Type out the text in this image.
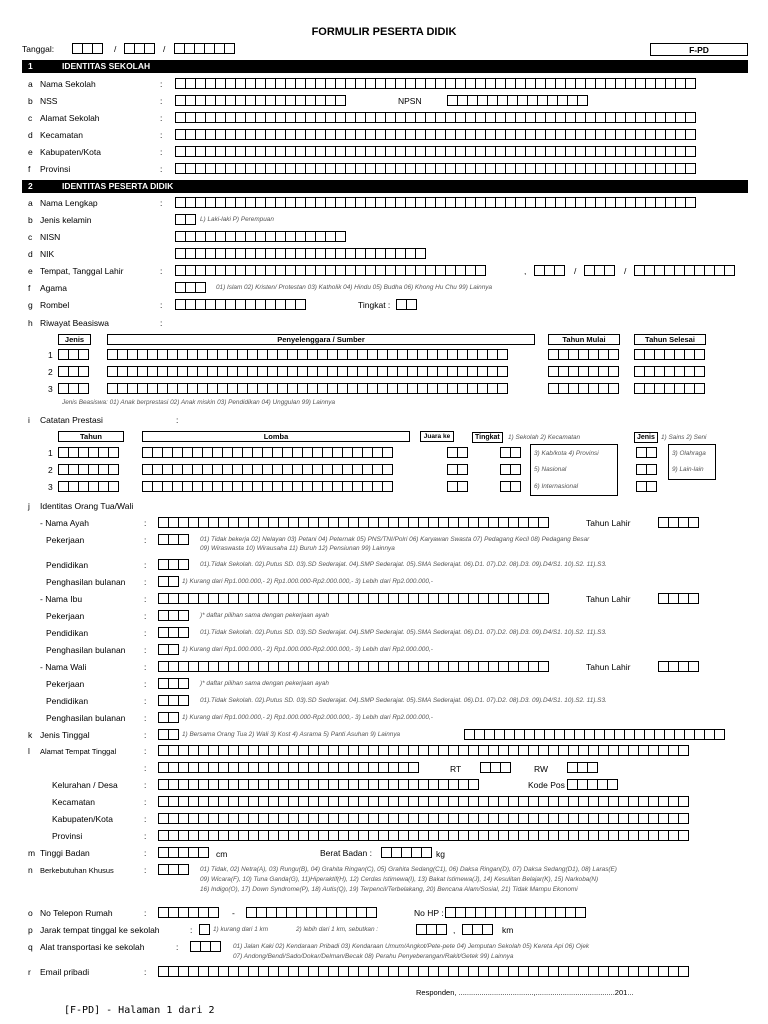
FORMULIR PESERTA DIDIK
Tanggal:	/	/	F-PD
1	IDENTITAS SEKOLAH
a Nama Sekolah	:
b NSS	:	NPSN
c Alamat Sekolah	:
d Kecamatan	:
e Kabupaten/Kota	:
f Provinsi	:
2	IDENTITAS PESERTA DIDIK
a Nama Lengkap	:
b Jenis kelamin	L) Laki-laki P) Perempuan
c NISN
d NIK
e Tempat, Tanggal Lahir	:	,	/	/
f Agama	01) Islam 02) Kristen/ Protestan 03) Katholik 04) Hindu 05) Budha 06) Khong Hu Chu 99) Lainnya
g Rombel	:	Tingkat :
h Riwayat Beasiswa	:
Jenis	Penyelenggara / Sumber	Tahun Mulai	Tahun Selesai
1
2
3
Jenis Beasiswa: 01) Anak berprestasi 02) Anak miskin 03) Pendidikan 04) Unggulan 99) Lainnya
i Catatan Prestasi	:
Tahun	Lomba	Juara ke	Tingkat	Jenis
1) Sekolah 2) Kecamatan
3) Kab/kota 4) Provinsi
5) Nasional
6) Internasional
1) Sains 2) Seni
3) Olahraga
9) Lain-lain
1
2
3
j Identitas Orang Tua/Wali
- Nama Ayah	:	Tahun Lahir
Pekerjaan	:	01) Tidak bekerja 02) Nelayan 03) Petani 04) Peternak 05) PNS/TNI/Polri 06) Karyawan Swasta 07) Pedagang Kecil 08) Pedagang Besar
09) Wiraswasta 10) Wirausaha 11) Buruh 12) Pensiunan 99) Lainnya
Pendidikan	:	01).Tidak Sekolah. 02).Putus SD. 03).SD Sederajat. 04).SMP Sederajat. 05).SMA Sederajat. 06).D1. 07).D2. 08).D3. 09).D4/S1. 10).S2. 11).S3.
Penghasilan bulanan :	1) Kurang dari Rp1.000.000,- 2) Rp1.000.000-Rp2.000.000,- 3) Lebih dari Rp2.000.000,-
- Nama Ibu	:	Tahun Lahir
Pekerjaan	:	)* daftar pilihan sama dengan pekerjaan ayah
Pendidikan	:	01).Tidak Sekolah. 02).Putus SD. 03).SD Sederajat. 04).SMP Sederajat. 05).SMA Sederajat. 06).D1. 07).D2. 08).D3. 09).D4/S1. 10).S2. 11).S3.
Penghasilan bulanan :	1) Kurang dari Rp1.000.000,- 2) Rp1.000.000-Rp2.000.000,- 3) Lebih dari Rp2.000.000,-
- Nama Wali	:	Tahun Lahir
Pekerjaan	:	)* daftar pilihan sama dengan pekerjaan ayah
Pendidikan	:	01).Tidak Sekolah. 02).Putus SD. 03).SD Sederajat. 04).SMP Sederajat. 05).SMA Sederajat. 06).D1. 07).D2. 08).D3. 09).D4/S1. 10).S2. 11).S3.
Penghasilan bulanan :	1) Kurang dari Rp1.000.000,- 2) Rp1.000.000-Rp2.000.000,- 3) Lebih dari Rp2.000.000,-
k Jenis Tinggal	:	1) Bersama Orang Tua 2) Wali 3) Kost 4) Asrama 5) Panti Asuhan 9) Lainnya
l Alamat Tempat Tinggal	:
:	RT	RW
Kelurahan / Desa	:	Kode Pos
Kecamatan	:
Kabupaten/Kota	:
Provinsi	:
m Tinggi Badan	:	cm	Berat Badan :	kg
n Berkebutuhan Khusus	:	01) Tidak, 02) Netra(A), 03) Rungu(B), 04) Grahita Ringan(C), 05) Grahita Sedang(C1), 06) Daksa Ringan(D), 07) Daksa Sedang(D1), 08) Laras(E)
09) Wicara(F), 10) Tuna Ganda(G), 11)Hiperaktif(H), 12) Cerdas Istimewa(I), 13) Bakat Istimewa(J), 14) Kesulitan Belajar(K), 15) Narkoba(N)
16) Indigo(O), 17) Down Syndrome(P), 18) Autis(Q), 19) Terpencil/Terbelakang, 20) Bencana Alam/Sosial, 21) Tidak Mampu Ekonomi
o No Telepon Rumah	:	-	No HP :
p Jarak tempat tinggal ke sekolah	:	1) kurang dari 1 km	2) lebih dari 1 km, sebutkan :	,	km
q Alat transportasi ke sekolah	:	01) Jalan Kaki 02) Kendaraan Pribadi 03) Kendaraan Umum/Angkot/Pete-pete 04) Jemputan Sekolah 05) Kereta Api 06) Ojek
07) Andong/Bendi/Sado/Dokar/Delman/Becak 08) Perahu Penyeberangan/Rakit/Getek 99) Lainnya
r Email pribadi	:
Responden, ....................................,......................................201...
[F-PD] - Halaman 1 dari 2
